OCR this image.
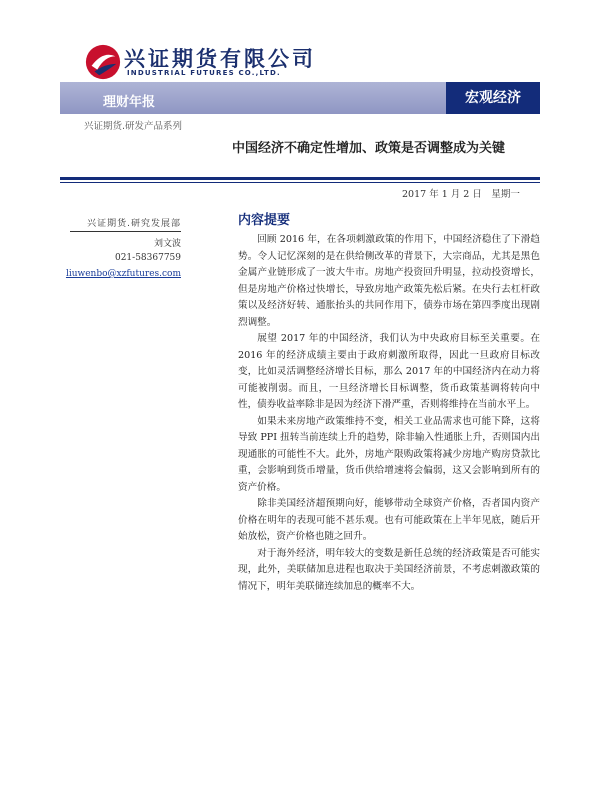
兴证期货有限公司
INDUSTRIAL FUTURES CO.,LTD.
理财年报	宏观经济
兴证期货.研发产品系列
中国经济不确定性增加、政策是否调整成为关键
2017 年 1 月 2 日　星期一
兴证期货.研究发展部
刘文波
021-58367759
liuwenbo@xzfutures.com
内容提要

回顾 2016 年，在各项刺激政策的作用下，中国经济稳住了下滑趋势。令人记忆深刻的是在供给侧改革的背景下，大宗商品，尤其是黑色金属产业链形成了一波大牛市。房地产投资回升明显，拉动投资增长，但是房地产价格过快增长，导致房地产政策先松后紧。在央行去杠杆政策以及经济好转、通胀抬头的共同作用下，债券市场在第四季度出现剧烈调整。

展望 2017 年的中国经济，我们认为中央政府目标至关重要。在 2016 年的经济成绩主要由于政府刺激所取得，因此一旦政府目标改变，比如灵活调整经济增长目标，那么 2017 年的中国经济内在动力将可能被削弱。而且，一旦经济增长目标调整，货币政策基调将转向中性，债券收益率除非是因为经济下滑严重，否则将维持在当前水平上。

如果未来房地产政策维持不变，相关工业品需求也可能下降，这将导致 PPI 扭转当前连续上升的趋势，除非输入性通胀上升，否则国内出现通胀的可能性不大。此外，房地产限购政策将减少房地产购房贷款比重，会影响到货币增量，货币供给增速将会偏弱，这又会影响到所有的资产价格。

除非美国经济超预期向好，能够带动全球资产价格，否者国内资产价格在明年的表现可能不甚乐观。也有可能政策在上半年见底，随后开始放松，资产价格也随之回升。

对于海外经济，明年较大的变数是新任总统的经济政策是否可能实现，此外，美联储加息进程也取决于美国经济前景，不考虑刺激政策的情况下，明年美联储连续加息的概率不大。
